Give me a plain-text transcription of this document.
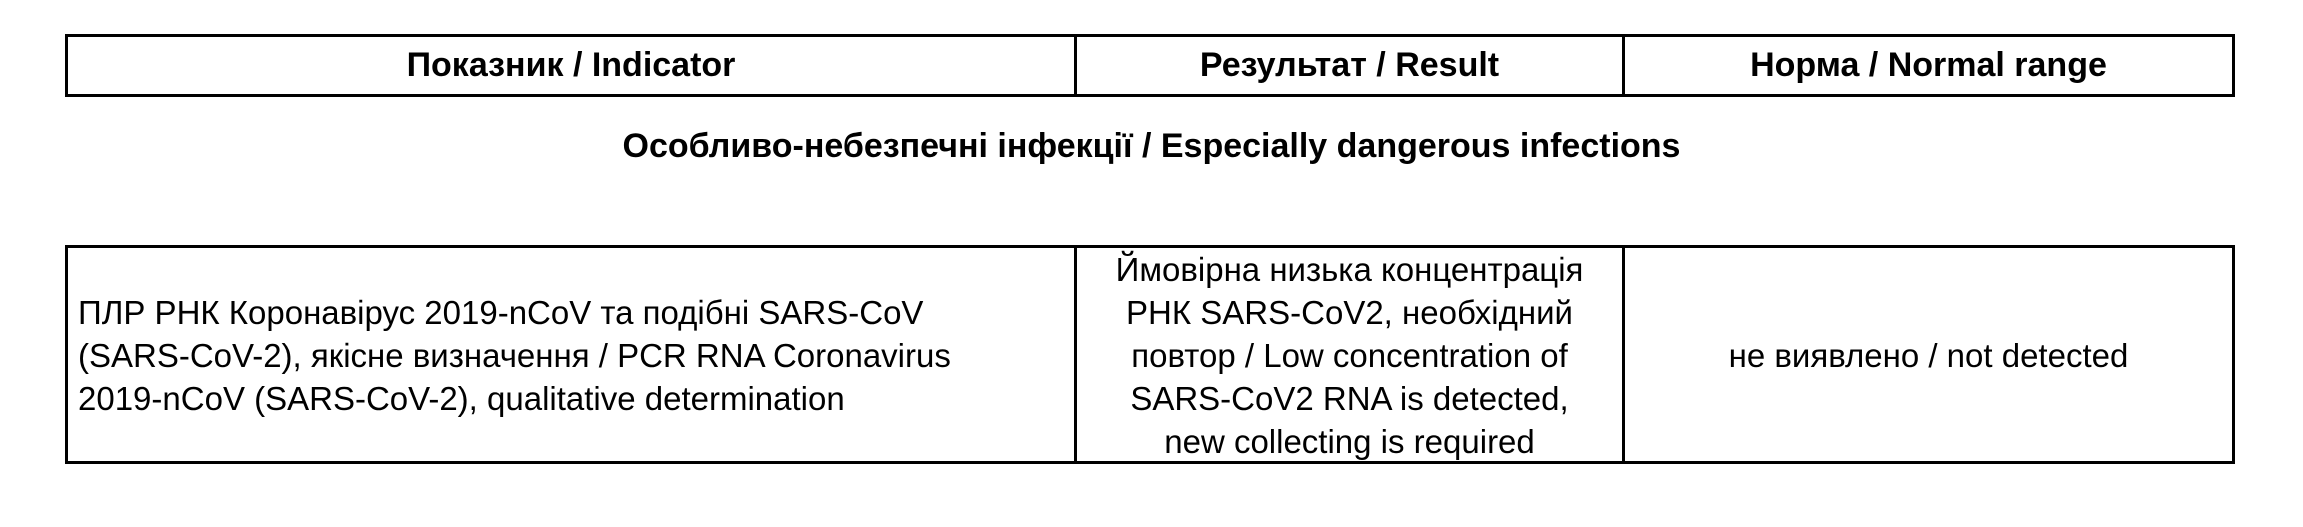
Показник / Indicator	Результат / Result	Норма / Normal range
Особливо-небезпечні інфекції / Especially dangerous infections
ПЛР РНК Коронавірус 2019-nCoV та подібні SARS-CoV
(SARS-CoV-2), якісне визначення / PCR RNA Coronavirus
2019-nCoV (SARS-CoV-2), qualitative determination
Ймовірна низька концентрація
РНК SARS-CoV2, необхідний
повтор / Low concentration of
SARS-CoV2 RNA is detected,
new collecting is required
не виявлено / not detected
